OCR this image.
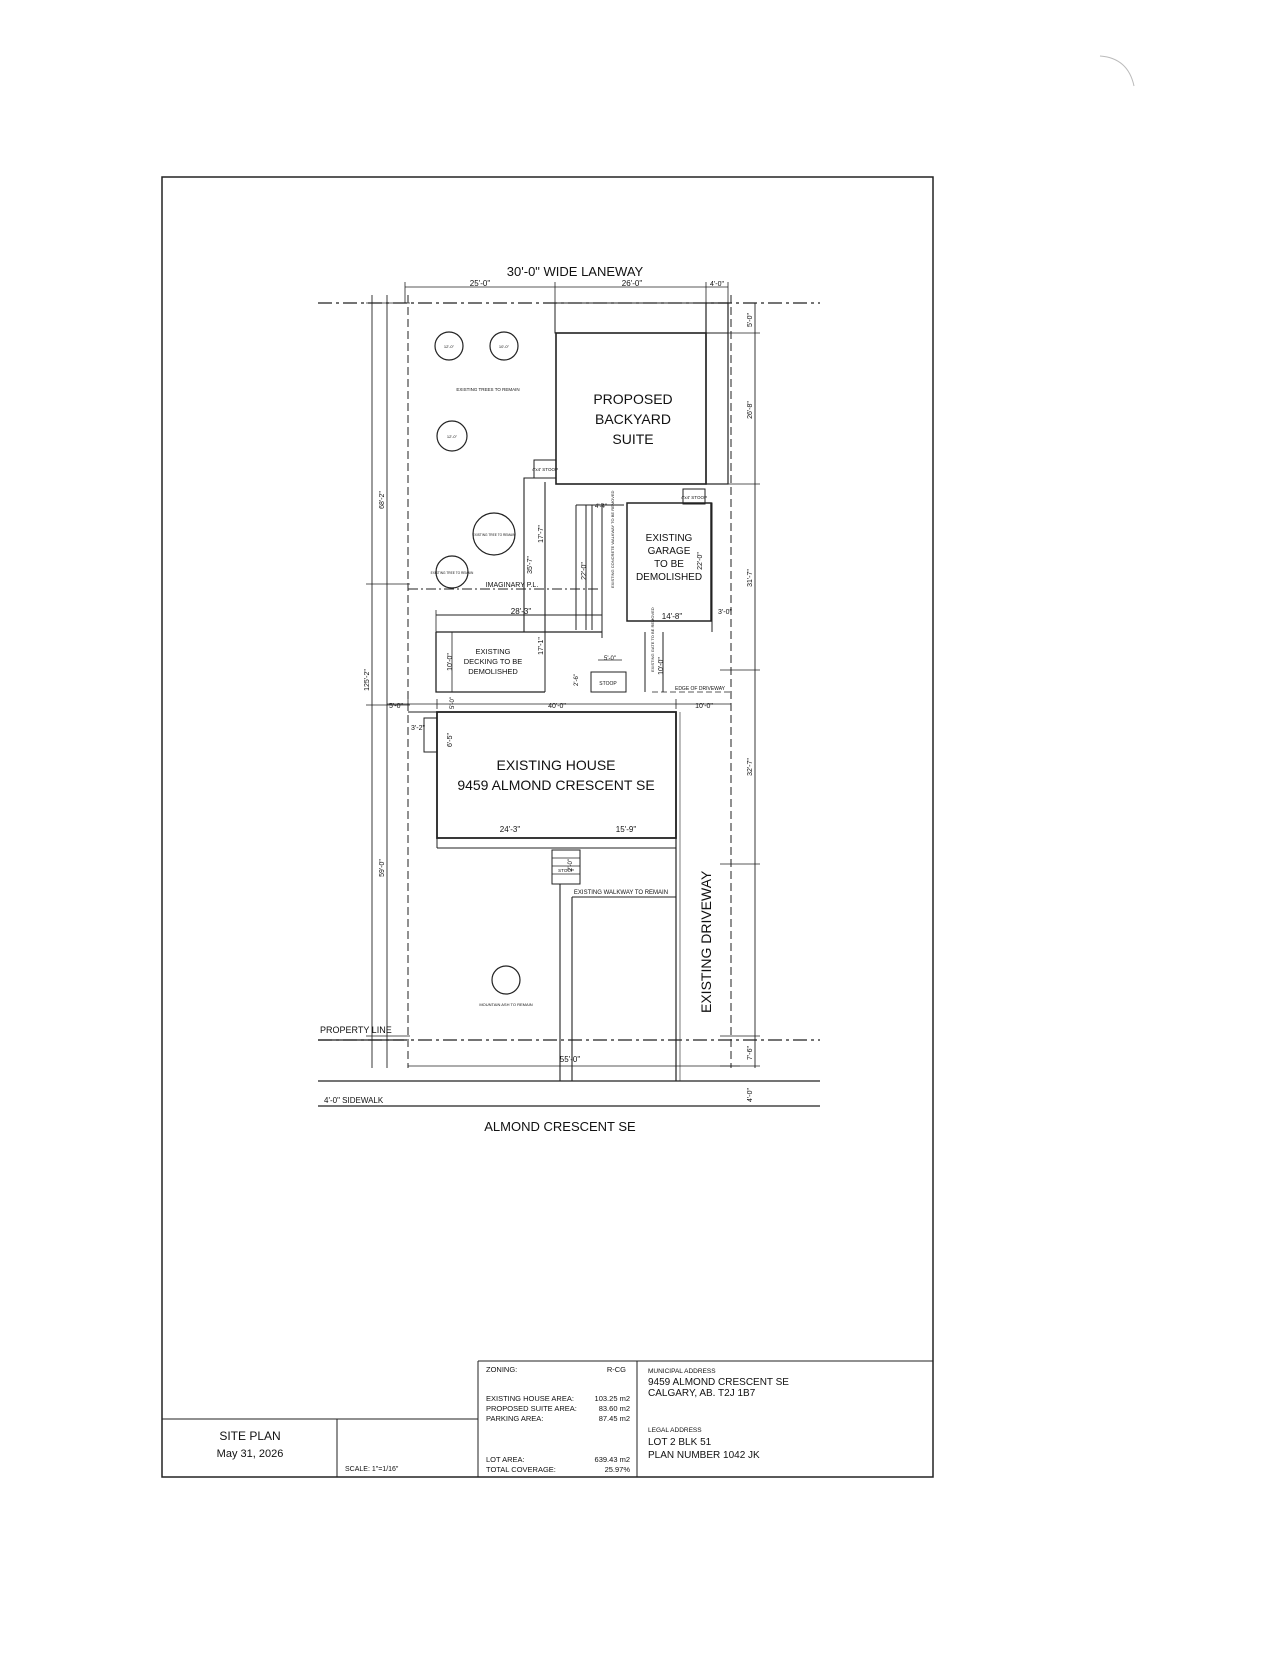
30'-0" WIDE LANEWAY
25'-0"	26'-0"	4'-0"
PROPOSED
BACKYARD
SUITE
EXISTING
GARAGE
TO BE
DEMOLISHED
EXISTING
DECKING TO BE
DEMOLISHED
EXISTING HOUSE
9459 ALMOND CRESCENT SE
EXISTING DRIVEWAY
EXISTING WALKWAY TO REMAIN
EDGE OF DRIVEWAY
IMAGINARY P.L.
PROPERTY LINE
4'-0" SIDEWALK
ALMOND CRESCENT SE
4'x4' STOOP
4'x4' STOOP
STOOP
STOOP
EXISTING CONCRETE WALKWAY TO BE REMOVED
EXISTING GATE TO BE REMOVED
12'-0"	10'-0"
12'-0"
EXISTING TREE TO REMAIN
EXISTING TREE TO REMAIN
MOUNTAIN ASH TO REMAIN
EXISTING TREES TO REMAIN
5'-0"
26'-8"
31'-7"
32'-7"
7'-6"
4'-0"
68'-2"
125'-2"
59'-0"
35'-7"
17'-7"
22'-0"
22'-0"
17'-1"
10'-0"	10'-0"
6'-5"
2'-6"
5'-0"
2'-0"
28'-3"
14'-8"	3'-0"
4'-4"
5'-0"
5'-0"	40'-0"	10'-0"
3'-2"
24'-3"	15'-9"
55'-0"
SITE PLAN
May 31, 2026
SCALE: 1"=1/16"
ZONING:	R-CG
EXISTING HOUSE AREA:	103.25 m2
PROPOSED SUITE AREA:	83.60 m2
PARKING AREA:	87.45 m2
LOT AREA:	639.43 m2
TOTAL COVERAGE:	25.97%
MUNICIPAL ADDRESS
9459 ALMOND CRESCENT SE
CALGARY, AB. T2J 1B7
LEGAL ADDRESS
LOT 2 BLK 51
PLAN NUMBER 1042 JK
